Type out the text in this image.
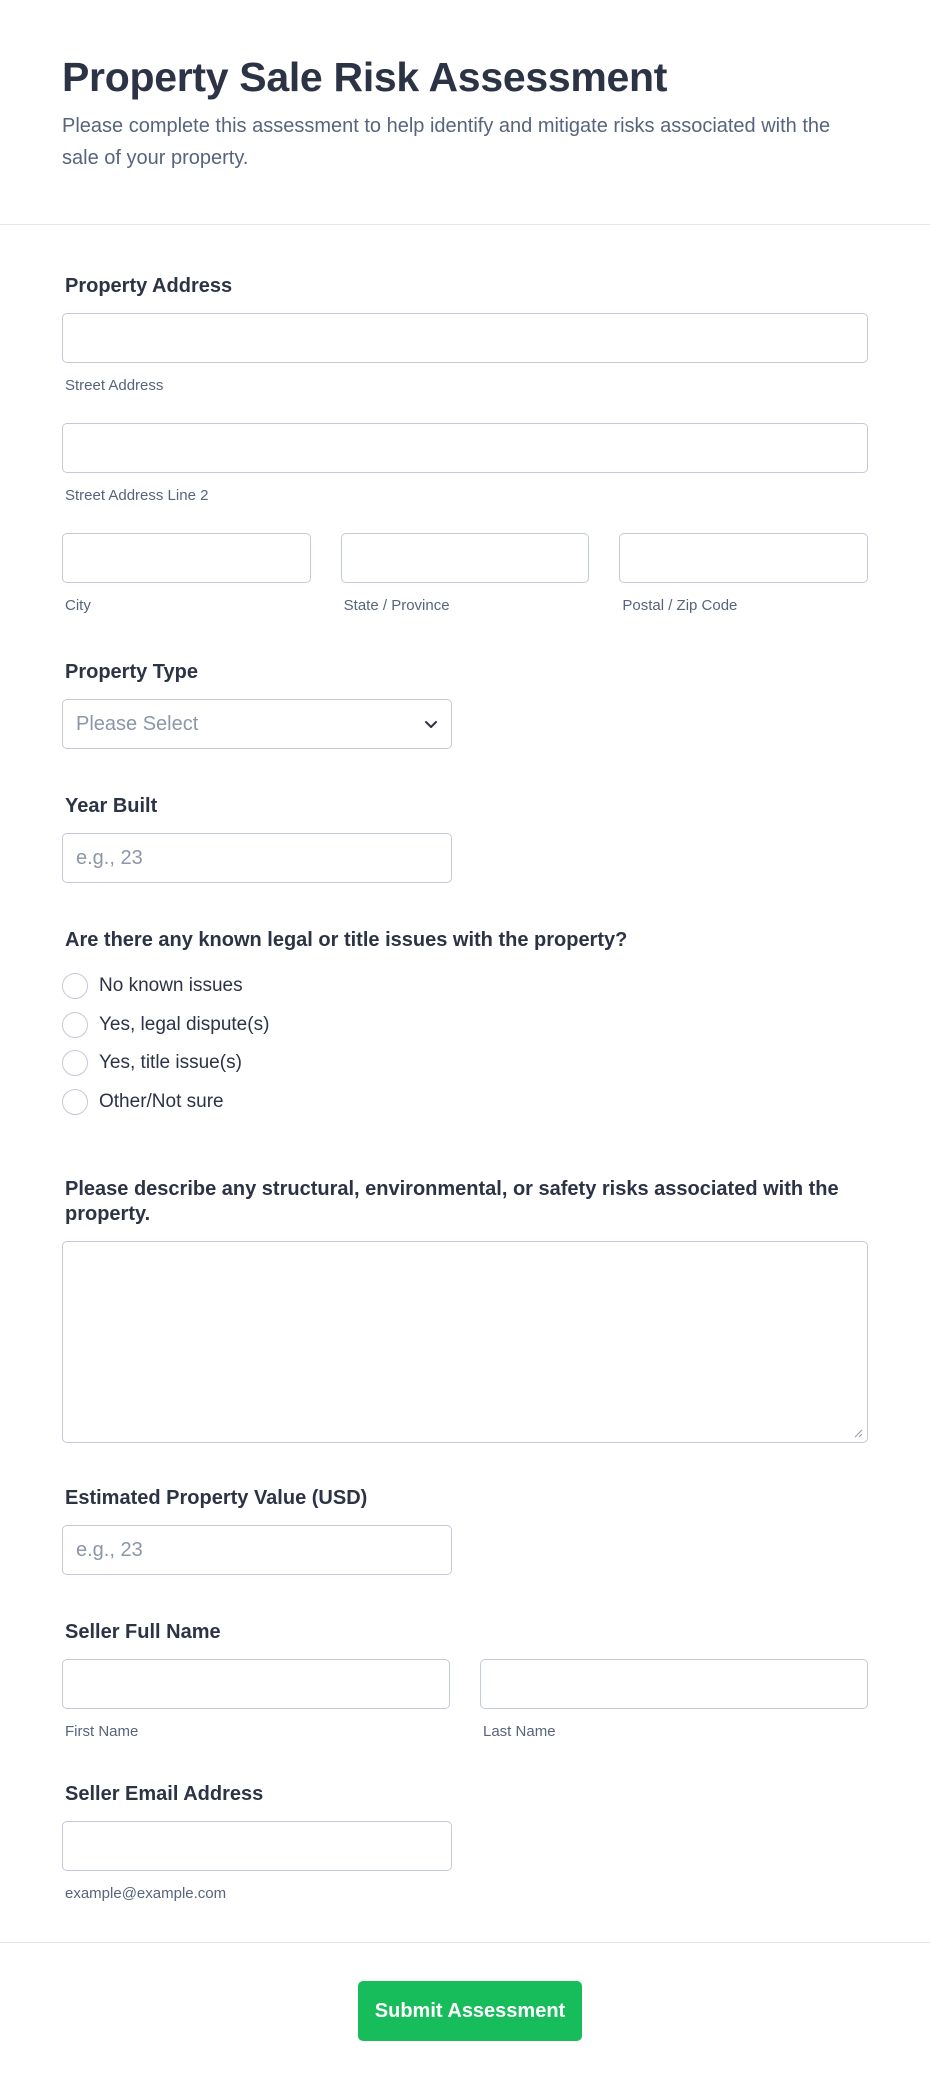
Property Sale Risk Assessment

Please complete this assessment to help identify and mitigate risks associated with the sale of your property.

Property Address
Street Address
Street Address Line 2
City	State / Province	Postal / Zip Code
Property Type
Please Select
Year Built
e.g., 23
Are there any known legal or title issues with the property?
No known issues
Yes, legal dispute(s)
Yes, title issue(s)
Other/Not sure
Please describe any structural, environmental, or safety risks associated with the property.
Estimated Property Value (USD)
e.g., 23
Seller Full Name
First Name	Last Name
Seller Email Address
example@example.com
Submit Assessment
